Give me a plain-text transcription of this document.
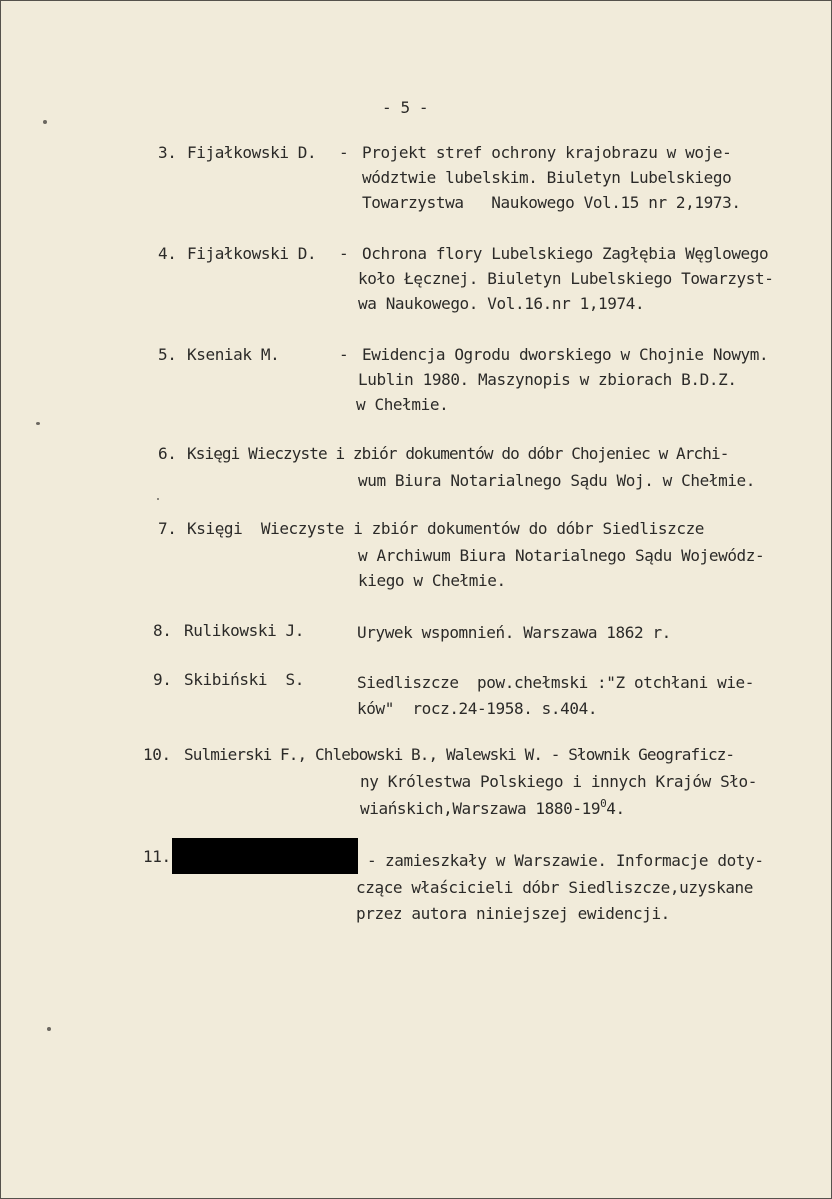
- 5 -
3. Fijałkowski D. - Projekt stref ochrony krajobrazu w woje-
wództwie lubelskim. Biuletyn Lubelskiego
Towarzystwa   Naukowego Vol.15 nr 2,1973.
4. Fijałkowski D. - Ochrona flory Lubelskiego Zagłębia Węglowego
koło Łęcznej. Biuletyn Lubelskiego Towarzyst-
wa Naukowego. Vol.16.nr 1,1974.
5. Kseniak M.	- Ewidencja Ogrodu dworskiego w Chojnie Nowym.
Lublin 1980. Maszynopis w zbiorach B.D.Z.
w Chełmie.
6. Księgi Wieczyste i zbiór dokumentów do dóbr Chojeniec w Archi-
wum Biura Notarialnego Sądu Woj. w Chełmie.
7. Księgi  Wieczyste i zbiór dokumentów do dóbr Siedliszcze
w Archiwum Biura Notarialnego Sądu Wojewódz-
kiego w Chełmie.
8. Rulikowski J.	Urywek wspomnień. Warszawa 1862 r.
9. Skibiński  S.	Siedliszcze  pow.chełmski :"Z otchłani wie-
ków"  rocz.24-1958. s.404.
10. Sulmierski F., Chlebowski B., Walewski W. - Słownik Geograficz-
ny Królestwa Polskiego i innych Krajów Sło-
wiańskich,Warszawa $1880-19^04$.
11.	- zamieszkały w Warszawie. Informacje doty-
czące właścicieli dóbr Siedliszcze,uzyskane
przez autora niniejszej ewidencji.
